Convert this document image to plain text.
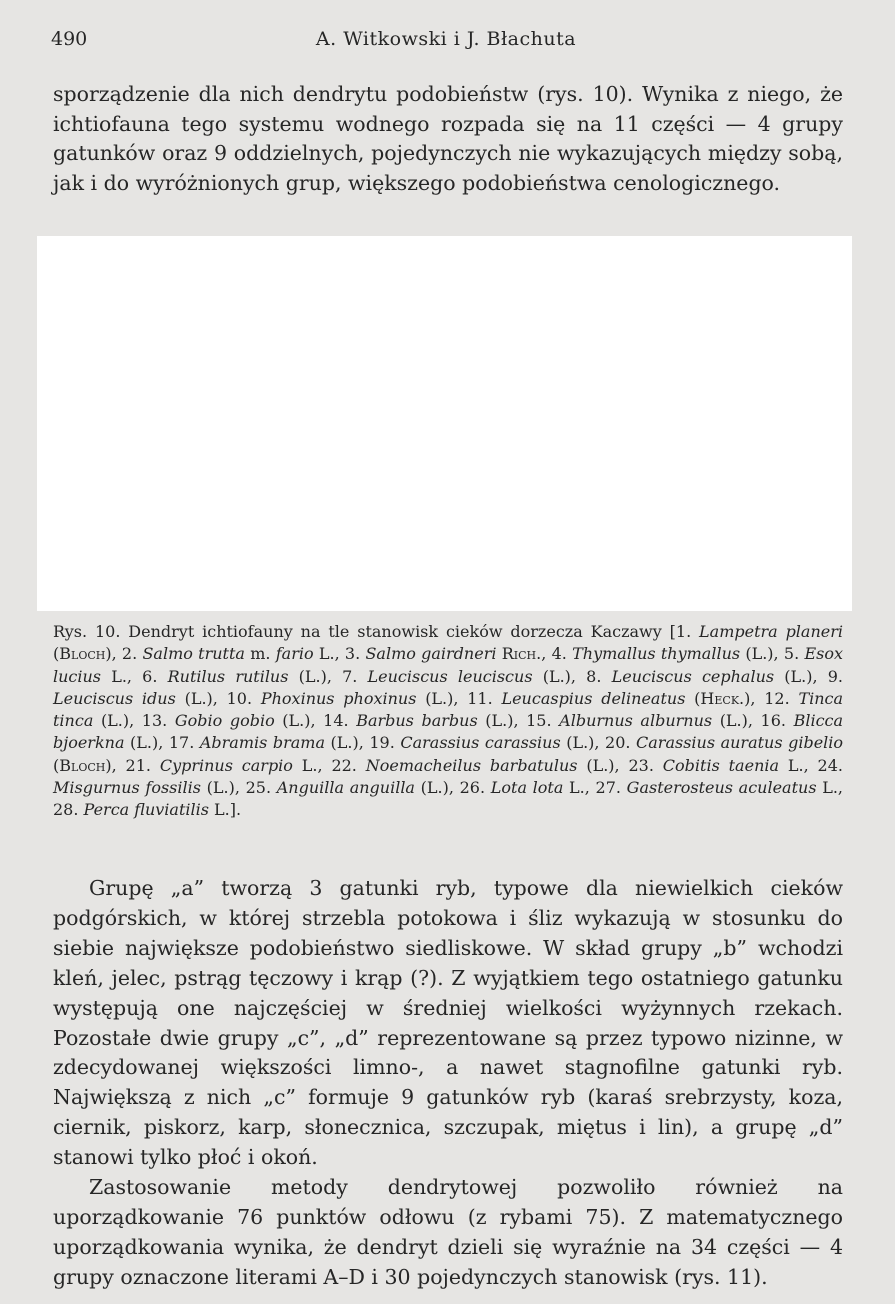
490	A. Witkowski i J. Błachuta

sporządzenie dla nich dendrytu podobieństw (rys. 10). Wynika z niego, że ichtiofauna tego systemu wodnego rozpada się na 11 części — 4 grupy gatunków oraz 9 oddzielnych, pojedynczych nie wykazujących między sobą, jak i do wyróżnionych grup, większego podobieństwa cenologicznego.

Rys. 10. Dendryt ichtiofauny na tle stanowisk cieków dorzecza Kaczawy [1. Lampetra planeri (Bloch), 2. Salmo trutta m. fario L., 3. Salmo gairdneri Rich., 4. Thymallus thymallus (L.), 5. Esox lucius L., 6. Rutilus rutilus (L.), 7. Leuciscus leuciscus (L.), 8. Leuciscus cephalus (L.), 9. Leuciscus idus (L.), 10. Phoxinus phoxinus (L.), 11. Leucaspius delineatus (Heck.), 12. Tinca tinca (L.), 13. Gobio gobio (L.), 14. Barbus barbus (L.), 15. Alburnus alburnus (L.), 16. Blicca bjoerkna (L.), 17. Abramis brama (L.), 19. Carassius carassius (L.), 20. Carassius auratus gibelio (Bloch), 21. Cyprinus carpio L., 22. Noemacheilus barbatulus (L.), 23. Cobitis taenia L., 24. Misgurnus fossilis (L.), 25. Anguilla anguilla (L.), 26. Lota lota L., 27. Gasterosteus aculeatus L., 28. Perca fluviatilis L.].

Grupę „a” tworzą 3 gatunki ryb, typowe dla niewielkich cieków podgórskich, w której strzebla potokowa i śliz wykazują w stosunku do siebie największe podobieństwo siedliskowe. W skład grupy „b” wchodzi kleń, jelec, pstrąg tęczowy i krąp (?). Z wyjątkiem tego ostatniego gatunku występują one najczęściej w średniej wielkości wyżynnych rzekach. Pozostałe dwie grupy „c”, „d” reprezentowane są przez typowo nizinne, w zdecydowanej większości limno-, a nawet stagnofilne gatunki ryb. Największą z nich „c” formuje 9 gatunków ryb (karaś srebrzysty, koza, ciernik, piskorz, karp, słonecznica, szczupak, miętus i lin), a grupę „d” stanowi tylko płoć i okoń.

Zastosowanie metody dendrytowej pozwoliło również na uporządkowanie 76 punktów odłowu (z rybami 75). Z matematycznego uporządkowania wynika, że dendryt dzieli się wyraźnie na 34 części — 4 grupy oznaczone literami A–D i 30 pojedynczych stanowisk (rys. 11).
